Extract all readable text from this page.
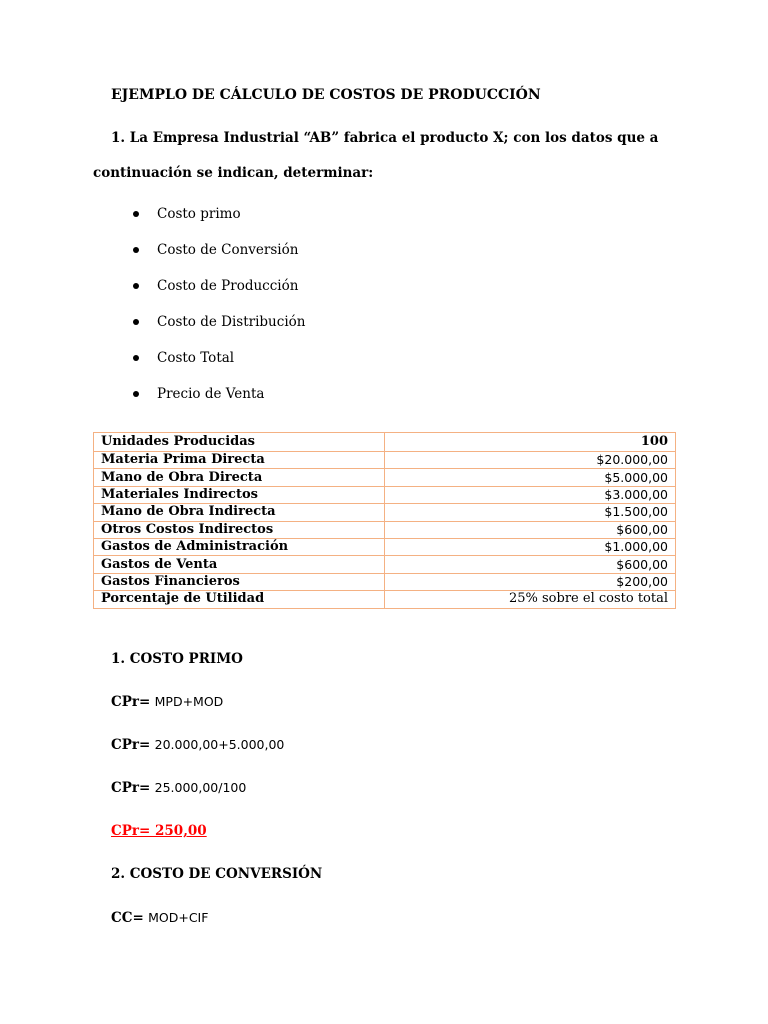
EJEMPLO DE CÁLCULO DE COSTOS DE PRODUCCIÓN
1. La Empresa Industrial “AB” fabrica el producto X; con los datos que a
continuación se indican, determinar:
Costo primo
Costo de Conversión
Costo de Producción
Costo de Distribución
Costo Total
Precio de Venta
Unidades Producidas	100
Materia Prima Directa	$20.000,00
Mano de Obra Directa	$5.000,00
Materiales Indirectos	$3.000,00
Mano de Obra Indirecta	$1.500,00
Otros Costos Indirectos	$600,00
Gastos de Administración	$1.000,00
Gastos de Venta	$600,00
Gastos Financieros	$200,00
Porcentaje de Utilidad	25% sobre el costo total
1. COSTO PRIMO
CPr= MPD+MOD
CPr= 20.000,00+5.000,00
CPr= 25.000,00/100
CPr= 250,00
2. COSTO DE CONVERSIÓN
CC= MOD+CIF
